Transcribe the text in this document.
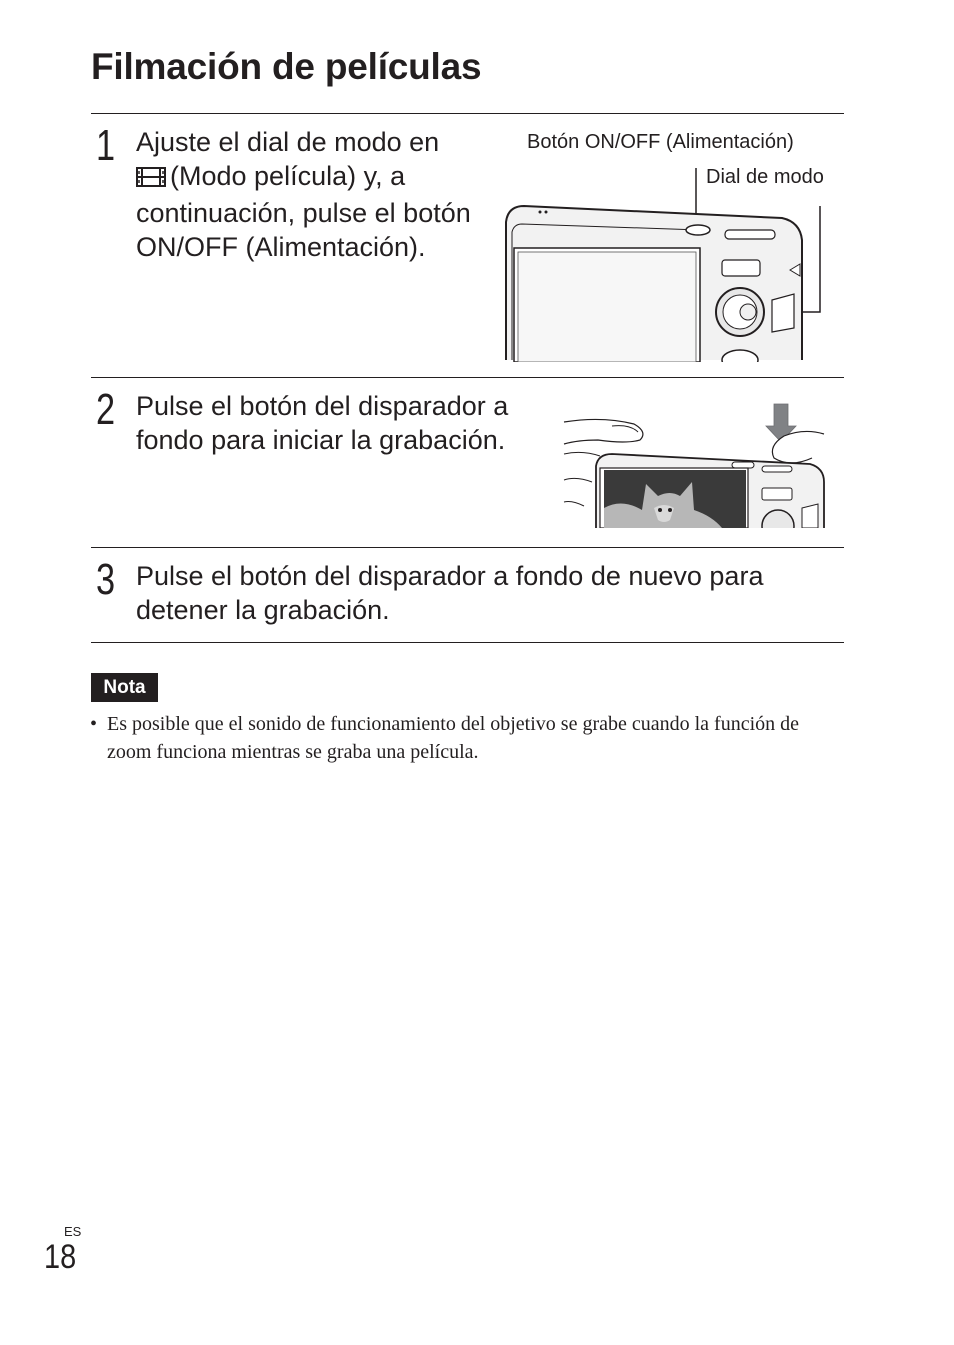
Filmación de películas
1 Ajuste el dial de modo en
(Modo película) y, a continuación, pulse el botón ON/OFF (Alimentación).
Botón ON/OFF (Alimentación)
Dial de modo
2 Pulse el botón del disparador a fondo para iniciar la grabación.
3 Pulse el botón del disparador a fondo de nuevo para detener la grabación.
Nota
• Es posible que el sonido de funcionamiento del objetivo se grabe cuando la función de zoom funciona mientras se graba una película.
ES
18
